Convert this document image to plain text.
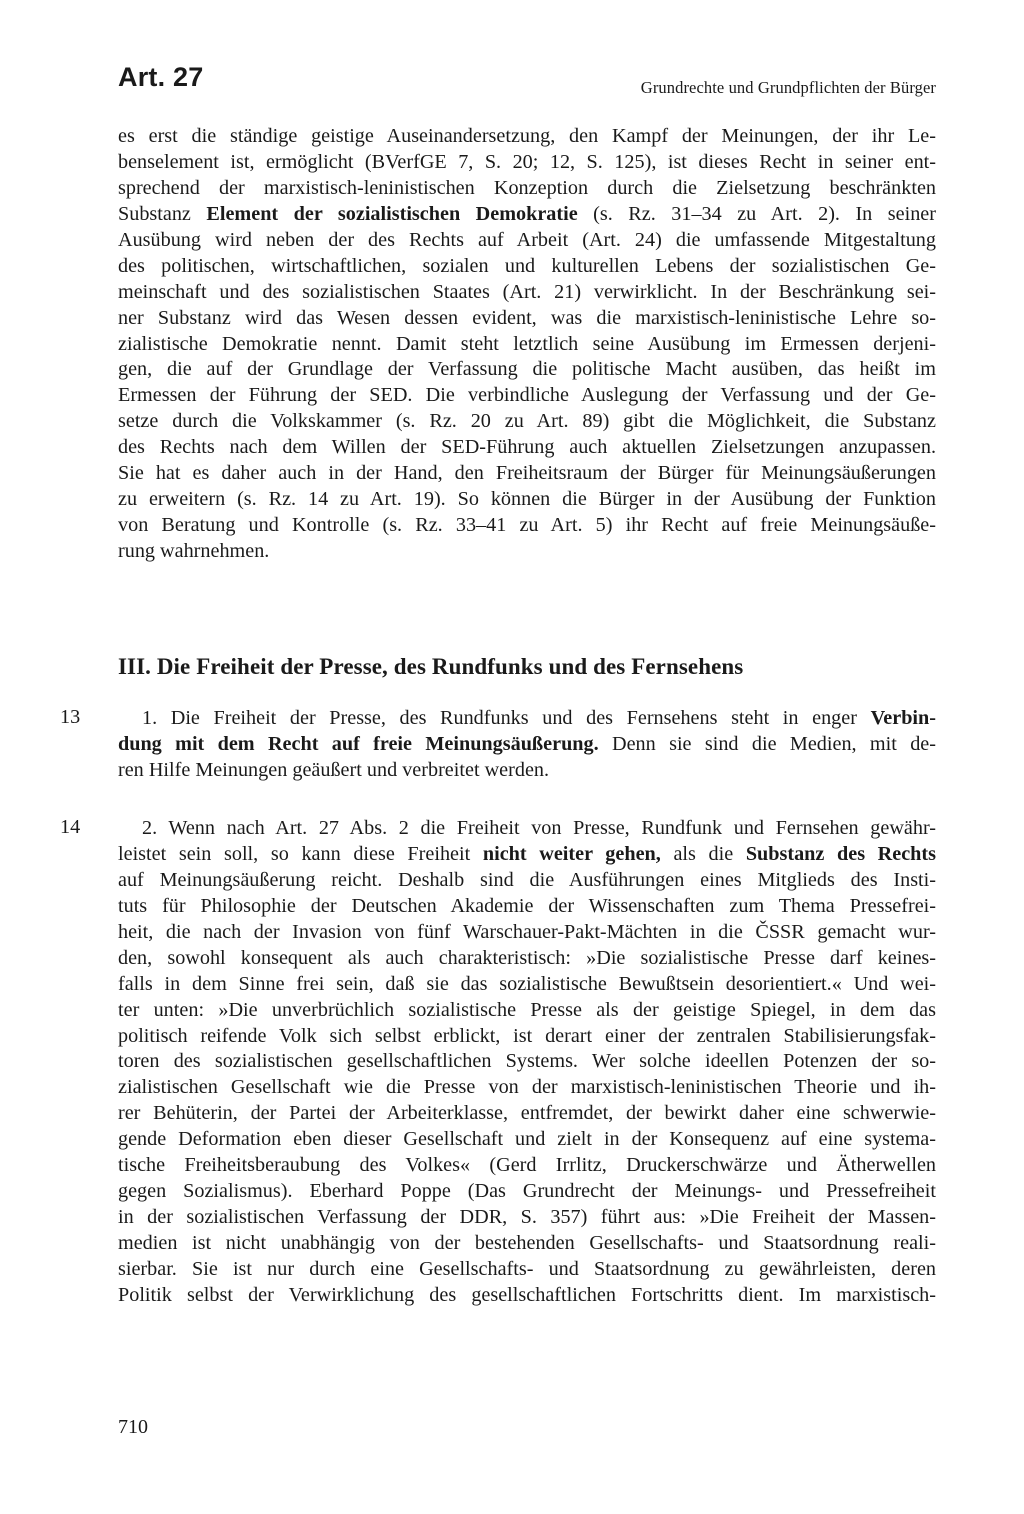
Art. 27	Grundrechte und Grundpflichten der Bürger
es erst die ständige geistige Auseinandersetzung, den Kampf der Meinungen, der ihr Le-
benselement ist, ermöglicht (BVerfGE 7, S. 20; 12, S. 125), ist dieses Recht in seiner ent-
sprechend der marxistisch-leninistischen Konzeption durch die Zielsetzung beschränkten
Substanz Element der sozialistischen Demokratie (s. Rz. 31–34 zu Art. 2). In seiner
Ausübung wird neben der des Rechts auf Arbeit (Art. 24) die umfassende Mitgestaltung
des politischen, wirtschaftlichen, sozialen und kulturellen Lebens der sozialistischen Ge-
meinschaft und des sozialistischen Staates (Art. 21) verwirklicht. In der Beschränkung sei-
ner Substanz wird das Wesen dessen evident, was die marxistisch-leninistische Lehre so-
zialistische Demokratie nennt. Damit steht letztlich seine Ausübung im Ermessen derjeni-
gen, die auf der Grundlage der Verfassung die politische Macht ausüben, das heißt im
Ermessen der Führung der SED. Die verbindliche Auslegung der Verfassung und der Ge-
setze durch die Volkskammer (s. Rz. 20 zu Art. 89) gibt die Möglichkeit, die Substanz
des Rechts nach dem Willen der SED-Führung auch aktuellen Zielsetzungen anzupassen.
Sie hat es daher auch in der Hand, den Freiheitsraum der Bürger für Meinungsäußerungen
zu erweitern (s. Rz. 14 zu Art. 19). So können die Bürger in der Ausübung der Funktion
von Beratung und Kontrolle (s. Rz. 33–41 zu Art. 5) ihr Recht auf freie Meinungsäuße-
rung wahrnehmen.
III. Die Freiheit der Presse, des Rundfunks und des Fernsehens
13	1. Die Freiheit der Presse, des Rundfunks und des Fernsehens steht in enger Verbin-
dung mit dem Recht auf freie Meinungsäußerung. Denn sie sind die Medien, mit de-
ren Hilfe Meinungen geäußert und verbreitet werden.
14	2. Wenn nach Art. 27 Abs. 2 die Freiheit von Presse, Rundfunk und Fernsehen gewähr-
leistet sein soll, so kann diese Freiheit nicht weiter gehen, als die Substanz des Rechts
auf Meinungsäußerung reicht. Deshalb sind die Ausführungen eines Mitglieds des Insti-
tuts für Philosophie der Deutschen Akademie der Wissenschaften zum Thema Pressefrei-
heit, die nach der Invasion von fünf Warschauer-Pakt-Mächten in die ČSSR gemacht wur-
den, sowohl konsequent als auch charakteristisch: »Die sozialistische Presse darf keines-
falls in dem Sinne frei sein, daß sie das sozialistische Bewußtsein desorientiert.« Und wei-
ter unten: »Die unverbrüchlich sozialistische Presse als der geistige Spiegel, in dem das
politisch reifende Volk sich selbst erblickt, ist derart einer der zentralen Stabilisierungsfak-
toren des sozialistischen gesellschaftlichen Systems. Wer solche ideellen Potenzen der so-
zialistischen Gesellschaft wie die Presse von der marxistisch-leninistischen Theorie und ih-
rer Behüterin, der Partei der Arbeiterklasse, entfremdet, der bewirkt daher eine schwerwie-
gende Deformation eben dieser Gesellschaft und zielt in der Konsequenz auf eine systema-
tische Freiheitsberaubung des Volkes« (Gerd Irrlitz, Druckerschwärze und Ätherwellen
gegen Sozialismus). Eberhard Poppe (Das Grundrecht der Meinungs- und Pressefreiheit
in der sozialistischen Verfassung der DDR, S. 357) führt aus: »Die Freiheit der Massen-
medien ist nicht unabhängig von der bestehenden Gesellschafts- und Staatsordnung reali-
sierbar. Sie ist nur durch eine Gesellschafts- und Staatsordnung zu gewährleisten, deren
Politik selbst der Verwirklichung des gesellschaftlichen Fortschritts dient. Im marxistisch-
710
